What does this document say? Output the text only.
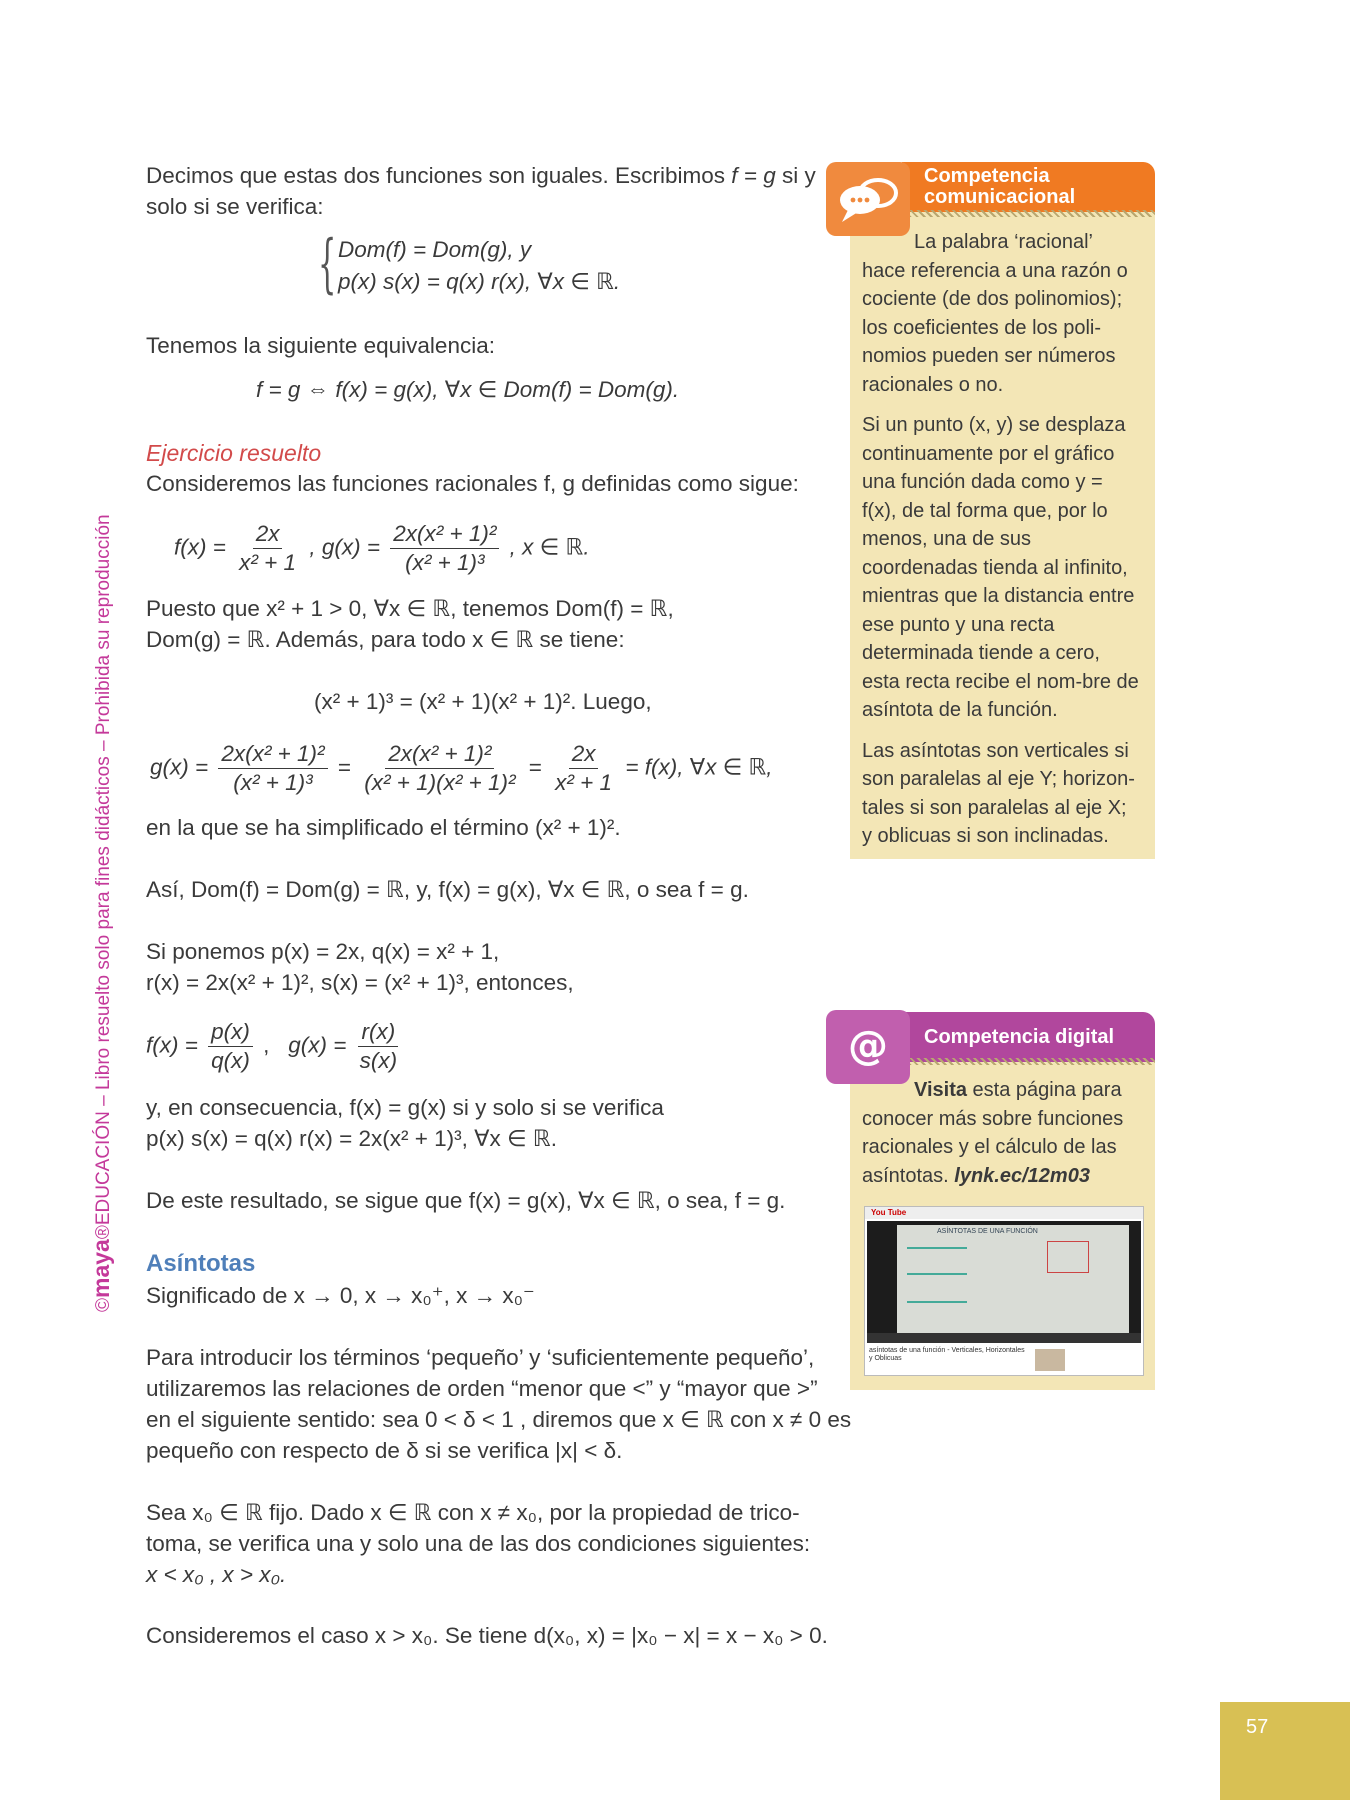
©maya®EDUCACIÓN – Libro resuelto solo para fines didácticos – Prohibida su reproducción
Decimos que estas dos funciones son iguales. Escribimos f = g si y
solo si se verifica:
{ Dom(f) = Dom(g), y
p(x) s(x) = q(x) r(x), ∀x ∈ ℝ.
Tenemos la siguiente equivalencia:
f = g ⇔ f(x) = g(x), ∀x ∈ Dom(f) = Dom(g).
Ejercicio resuelto
Consideremos las funciones racionales f, g definidas como sigue:
$f(x) = \frac{2x}{\text{x² + 1}}$ , $g(x) = \frac{\text{2x(x² + 1)²}}{\text{(x² + 1)³}}$ , x ∈ ℝ.
Puesto que x² + 1 > 0, ∀x ∈ ℝ, tenemos Dom(f) = ℝ,
Dom(g) = ℝ. Además, para todo x ∈ ℝ se tiene:
(x² + 1)³ = (x² + 1)(x² + 1)². Luego,
$g(x) = \frac{\text{2x(x² + 1)²}}{\text{(x² + 1)³}} = \frac{\text{2x(x² + 1)²}}{\text{(x² + 1)(x² + 1)²}} = \frac{2x}{\text{x² + 1}} = f(x)$, ∀x ∈ ℝ,
en la que se ha simplificado el término (x² + 1)².
Así, Dom(f) = Dom(g) = ℝ, y, f(x) = g(x), ∀x ∈ ℝ, o sea f = g.
Si ponemos p(x) = 2x, q(x) = x² + 1,
r(x) = 2x(x² + 1)², s(x) = (x² + 1)³, entonces,
$f(x) = \frac{p(x)}{q(x)}$ , $g(x) = \frac{r(x)}{s(x)}$
y, en consecuencia, f(x) = g(x) si y solo si se verifica
p(x) s(x) = q(x) r(x) = 2x(x² + 1)³, ∀x ∈ ℝ.
De este resultado, se sigue que f(x) = g(x), ∀x ∈ ℝ, o sea, f = g.
Asíntotas
Significado de x → 0, x → x₀⁺, x → x₀⁻
Para introducir los términos ‘pequeño’ y ‘suficientemente pequeño’,
utilizaremos las relaciones de orden “menor que <” y “mayor que >”
en el siguiente sentido: sea 0 < δ < 1 , diremos que x ∈ ℝ con x ≠ 0 es
pequeño con respecto de δ si se verifica |x| < δ.
Sea x₀ ∈ ℝ fijo. Dado x ∈ ℝ con x ≠ x₀, por la propiedad de trico-
toma, se verifica una y solo una de las dos condiciones siguientes:
x < x₀ , x > x₀.
Consideremos el caso x > x₀. Se tiene d(x₀, x) = |x₀ − x| = x − x₀ > 0.

La palabra ‘racional’ hace referencia a una razón o cociente (de dos polinomios); los coeficientes de los poli-nomios pueden ser números racionales o no.

Si un punto (x, y) se desplaza continuamente por el gráfico una función dada como y = f(x), de tal forma que, por lo menos, una de sus coordenadas tienda al infinito, mientras que la distancia entre ese punto y una recta determinada tiende a cero, esta recta recibe el nom-bre de asíntota de la función.

Las asíntotas son verticales si son paralelas al eje Y; horizon-tales si son paralelas al eje X; y oblicuas si son inclinadas.

Competencia
comunicacional

Visita esta página para conocer más sobre funciones racionales y el cálculo de las asíntotas. lynk.ec/12m03

Competencia digital
@
You Tube
ASÍNTOTAS DE UNA FUNCIÓN
asíntotas de una función - Verticales, Horizontales y Oblicuas
57
